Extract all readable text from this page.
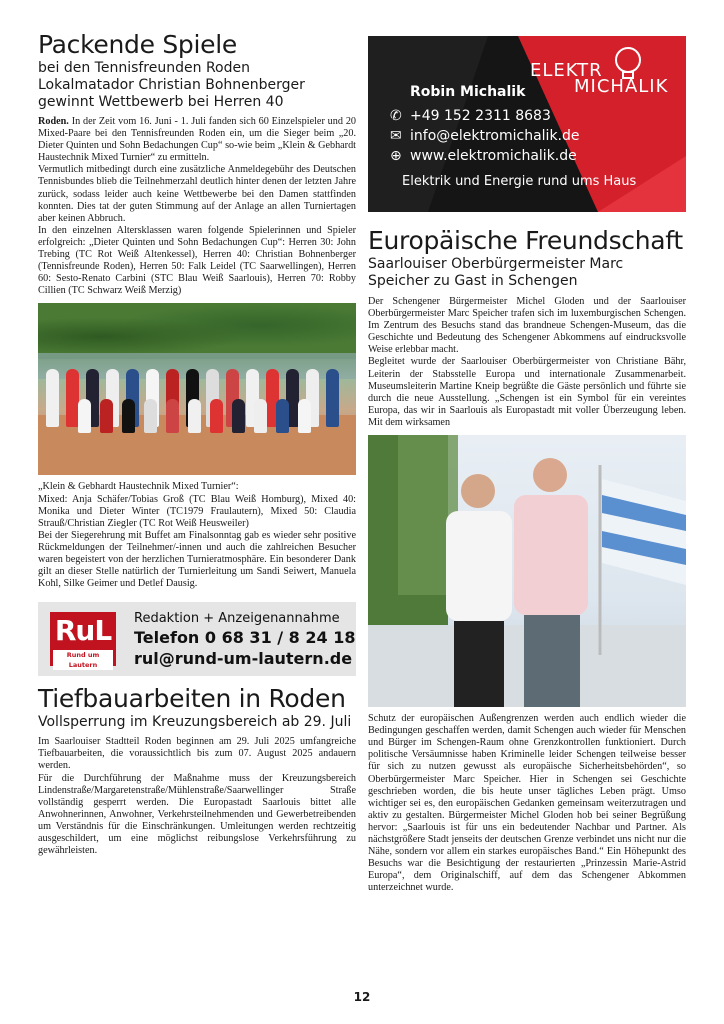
Packende Spiele
bei den Tennisfreunden Roden
Lokalmatador Christian Bohnenberger
gewinnt Wettbewerb bei Herren 40
Roden. In der Zeit vom 16. Juni - 1. Juli fanden sich 60 Einzelspieler und 20 Mixed-Paare bei den Tennisfreunden Roden ein, um die Sieger beim „20. Dieter Quinten und Sohn Bedachungen Cup“ so-wie beim „Klein & Gebhardt Haustechnik Mixed Turnier“ zu ermitteln.
Vermutlich mitbedingt durch eine zusätzliche Anmeldegebühr des Deutschen Tennisbundes blieb die Teilnehmerzahl deutlich hinter denen der letzten Jahre zurück, sodass leider auch keine Wettbewerbe bei den Damen stattfinden konnten. Dies tat der guten Stimmung auf der Anlage an allen Turniertagen aber keinen Abbruch.
In den einzelnen Altersklassen waren folgende Spielerinnen und Spieler erfolgreich: „Dieter Quinten und Sohn Bedachungen Cup“: Herren 30: John Trebing (TC Rot Weiß Altenkessel), Herren 40: Christian Bohnenberger (Tennisfreunde Roden), Herren 50: Falk Leidel (TC Saarwellingen), Herren 60: Sesto-Renato Carbini (STC Blau Weiß Saarlouis), Herren 70: Robby Cillien (TC Schwarz Weiß Merzig)
„Klein & Gebhardt Haustechnik Mixed Turnier“:
Mixed: Anja Schäfer/Tobias Groß (TC Blau Weiß Homburg), Mixed 40: Monika und Dieter Winter (TC1979 Fraulautern), Mixed 50: Claudia Strauß/Christian Ziegler (TC Rot Weiß Heusweiler)
Bei der Siegerehrung mit Buffet am Finalsonntag gab es wieder sehr positive Rückmeldungen der Teilnehmer/-innen und auch die zahlreichen Besucher waren begeistert von der herzlichen Turnieratmosphäre. Ein besonderer Dank gilt an dieser Stelle natürlich der Turnierleitung um Sandi Seiwert, Manuela Kohl, Silke Geimer und Detlef Dausig.
RuL
Rund um Lautern
Redaktion + Anzeigenannahme
Telefon 0 68 31 / 8 24 18
rul@rund-um-lautern.de
Tiefbauarbeiten in Roden
Vollsperrung im Kreuzungsbereich ab 29. Juli
Im Saarlouiser Stadtteil Roden beginnen am 29. Juli 2025 umfangreiche Tiefbauarbeiten, die voraussichtlich bis zum 07. August 2025 andauern werden.
Für die Durchführung der Maßnahme muss der Kreuzungsbereich Lindenstraße/Margaretenstraße/Mühlenstraße/Saarwellinger Straße vollständig gesperrt werden. Die Europastadt Saarlouis bittet alle Anwohnerinnen, Anwohner, Verkehrsteilnehmenden und Gewerbetreibenden um Verständnis für die Einschränkungen. Umleitungen werden rechtzeitig ausgeschildert, um eine möglichst reibungslose Verkehrsführung zu gewährleisten.
ELEKTR
MICHALIK
Robin Michalik
✆ +49 152 2311 8683
✉ info@elektromichalik.de
⊕ www.elektromichalik.de
Elektrik und Energie rund ums Haus
Europäische Freundschaft
Saarlouiser Oberbürgermeister Marc
Speicher zu Gast in Schengen
Der Schengener Bürgermeister Michel Gloden und der Saarlouiser Oberbürgermeister Marc Speicher trafen sich im luxemburgischen Schengen. Im Zentrum des Besuchs stand das brandneue Schengen-Museum, das die Geschichte und Bedeutung des Schengener Abkommens auf eindrucksvolle Weise erlebbar macht.
Begleitet wurde der Saarlouiser Oberbürgermeister von Christiane Bähr, Leiterin der Stabsstelle Europa und internationale Zusammenarbeit. Museumsleiterin Martine Kneip begrüßte die Gäste persönlich und führte sie durch die neue Ausstellung. „Schengen ist ein Symbol für ein vereintes Europa, das wir in Saarlouis als Europastadt mit voller Überzeugung leben. Mit dem wirksamen
Schutz der europäischen Außengrenzen werden auch endlich wieder die Bedingungen geschaffen werden, damit Schengen auch wieder für Menschen und Bürger im Schengen-Raum ohne Grenzkontrollen funktioniert. Durch politische Versäumnisse haben Kriminelle leider Schengen teilweise besser für sich zu nutzen gewusst als europäische Sicherheitsbehörden“, so Oberbürgermeister Marc Speicher. Hier in Schengen sei Geschichte geschrieben worden, die bis heute unser tägliches Leben prägt. Umso wichtiger sei es, den europäischen Gedanken gemeinsam weiterzutragen und aktiv zu gestalten. Bürgermeister Michel Gloden hob bei seiner Begrüßung hervor: „Saarlouis ist für uns ein bedeutender Nachbar und Partner. Als nächstgrößere Stadt jenseits der deutschen Grenze verbindet uns nicht nur die Nähe, sondern vor allem ein starkes europäisches Band.“ Ein Höhepunkt des Besuchs war die Besichtigung der restaurierten „Prinzessin Marie-Astrid Europa“, dem Originalschiff, auf dem das Schengener Abkommen unterzeichnet wurde.
12
